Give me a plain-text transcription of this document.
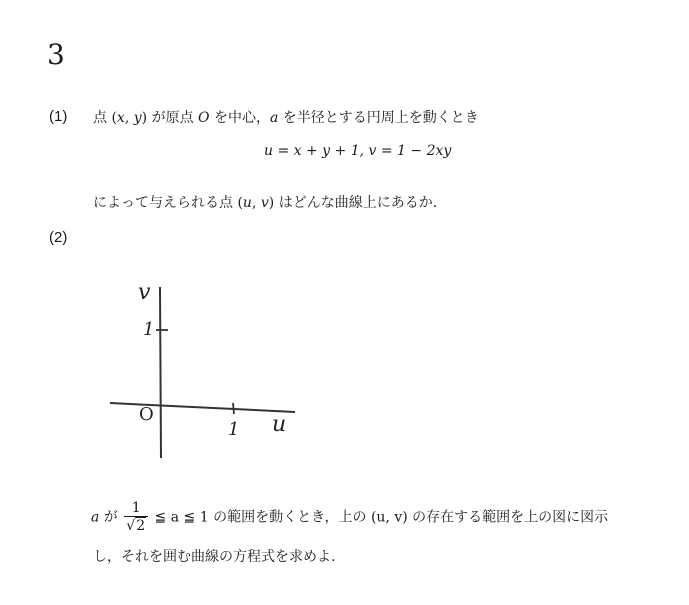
3
(1) 点 (x, y) が原点 O を中心，a を半径とする円周上を動くとき
u = x + y + 1, v = 1 − 2xy
によって与えられる点 (u, v) はどんな曲線上にあるか.
(2)
v
u
O
1
1
a が $\frac{1}{√2}$ ≦ a ≦ 1 の範囲を動くとき，上の (u, v) の存在する範囲を上の図に図示
し，それを囲む曲線の方程式を求めよ.
